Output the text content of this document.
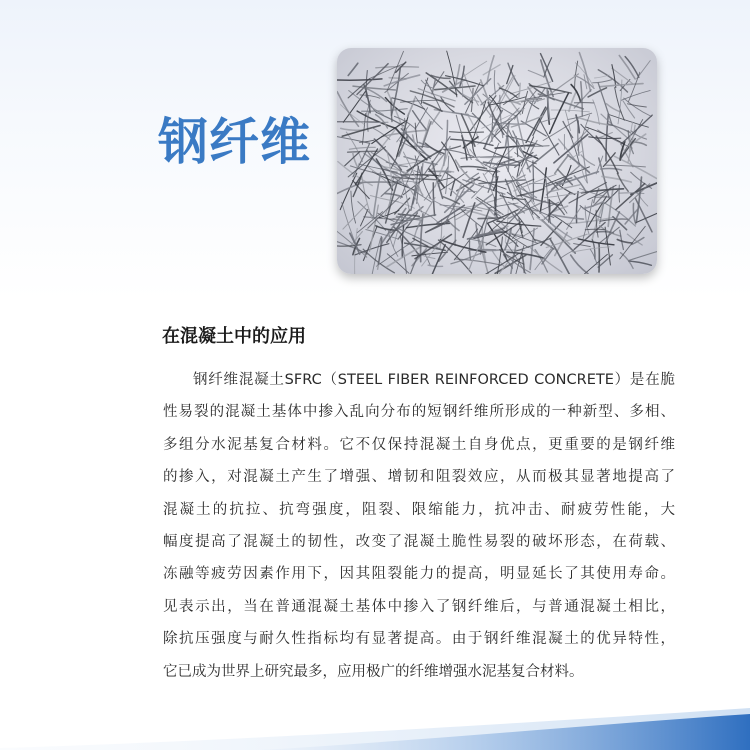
钢纤维
在混凝土中的应用
钢纤维混凝土SFRC（STEEL FIBER REINFORCED CONCRETE）是在脆
性易裂的混凝土基体中掺入乱向分布的短钢纤维所形成的一种新型、多相、
多组分水泥基复合材料。它不仅保持混凝土自身优点，更重要的是钢纤维
的掺入，对混凝土产生了增强、增韧和阻裂效应，从而极其显著地提高了
混凝土的抗拉、抗弯强度，阻裂、限缩能力，抗冲击、耐疲劳性能，大
幅度提高了混凝土的韧性，改变了混凝土脆性易裂的破坏形态，在荷载、
冻融等疲劳因素作用下，因其阻裂能力的提高，明显延长了其使用寿命。
见表示出，当在普通混凝土基体中掺入了钢纤维后，与普通混凝土相比，
除抗压强度与耐久性指标均有显著提高。由于钢纤维混凝土的优异特性，
它已成为世界上研究最多，应用极广的纤维增强水泥基复合材料。
